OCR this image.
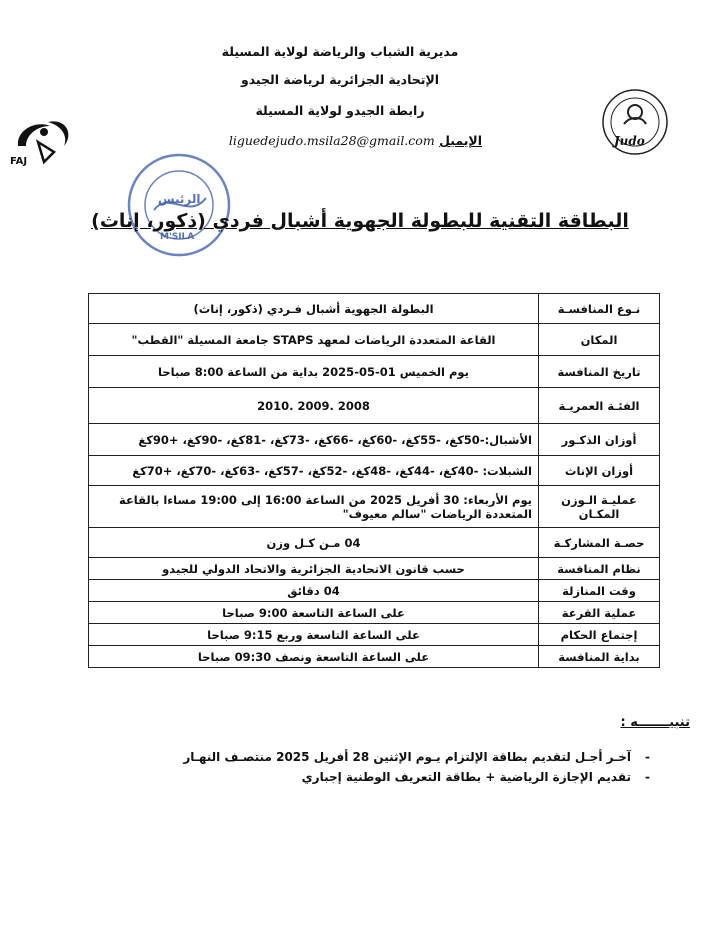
مديرية الشباب والرياضة لولاية المسيلة
الإتحادية الجزائرية لرياضة الجيدو
رابطة الجيدو لولاية المسيلة
الإيميل liguedejudo.msila28@gmail.com
FAJ
Judo
الرئيس
M'SILA
البطاقة التقنية للبطولة الجهوية أشبال فردي (ذكور، إناث)
نـوع المنافسـة	البطولة الجهوية أشبال فـردي (ذكور، إناث)
المكان	القاعة المتعددة الرياضات لمعهد STAPS جامعة المسيلة "القطب"
تاريخ المنافسة	يوم الخميس 01-05-2025 بداية من الساعة 8:00 صباحا
الفئـة العمريـة	2008 .2009 .2010
أوزان الذكـور	الأشبال:-50كغ، -55كغ، -60كغ، -66كغ، -73كغ، -81كغ، -90كغ، +90كغ
أوزان الإناث	الشبلات: -40كغ، -44كغ، -48كغ، -52كغ، -57كغ، -63كغ، -70كغ، +70كغ
عمليـة الـوزن المكـان	يوم الأربعاء: 30 أفريل 2025 من الساعة 16:00 إلى 19:00 مساءا بالقاعة المتعددة الرياضات "سالم معيوف"
حصـة المشاركـة	04 مـن كـل وزن
نظام المنافسة	حسب قانون الاتحادية الجزائرية والاتحاد الدولي للجيدو
وقت المنازلة	04 دقائق
عملية القرعة	على الساعة التاسعة 9:00 صباحا
إجتماع الحكام	على الساعة التاسعة وربع 9:15 صباحا
بداية المنافسة	على الساعة التاسعة ونصف 09:30 صباحا
تنبيـــــــه :
-آخـر أجـل لتقديم بطاقة الإلتزام يـوم الإثنين 28 أفريل 2025 منتصـف النهـار
-تقديم الإجازة الرياضية + بطاقة التعريف الوطنية إجباري
